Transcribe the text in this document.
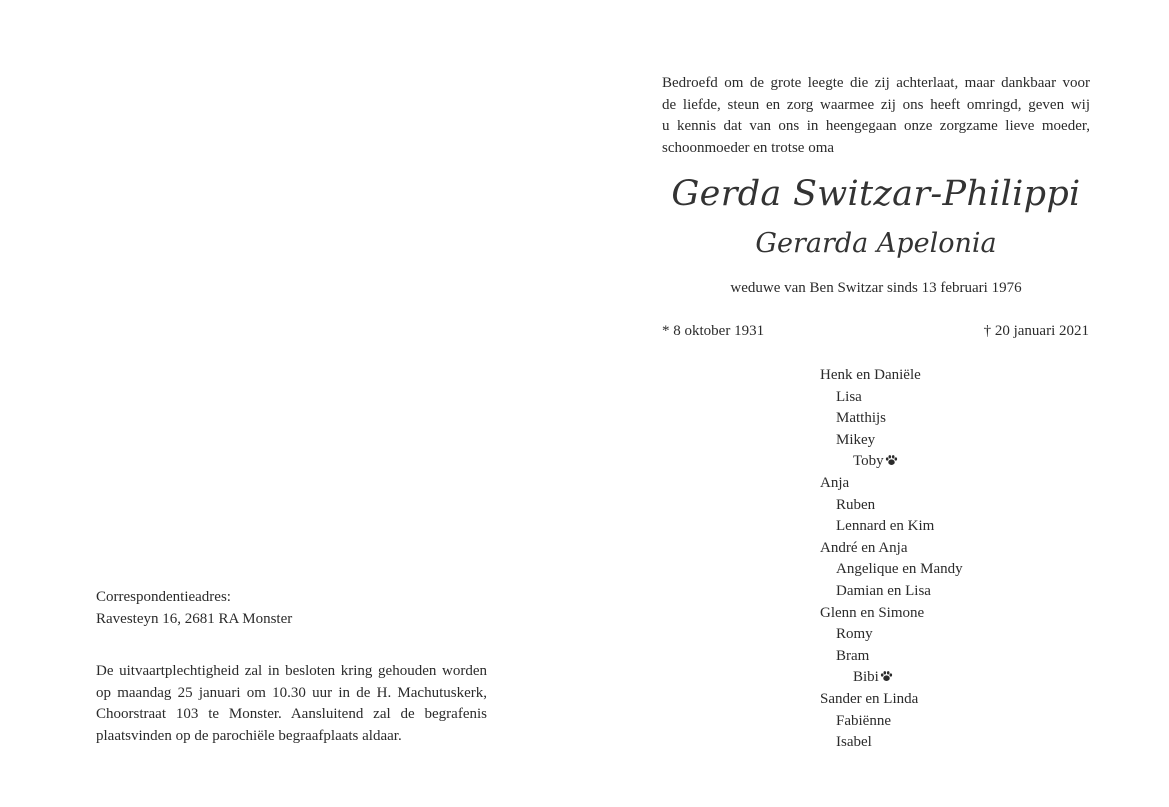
Bedroefd om de grote leegte die zij achterlaat, maar dankbaar voor
de liefde, steun en zorg waarmee zij ons heeft omringd, geven wij
u kennis dat van ons in heengegaan onze zorgzame lieve moeder,
schoonmoeder en trotse oma
Gerda Switzar-Philippi
Gerarda Apelonia
weduwe van Ben Switzar sinds 13 februari 1976
* 8 oktober 1931	† 20 januari 2021
Henk en Daniële
Lisa
Matthijs
Mikey
Toby
Anja
Ruben
Lennard en Kim
André en Anja
Angelique en Mandy
Damian en Lisa
Glenn en Simone
Romy
Bram
Bibi
Sander en Linda
Fabiënne
Isabel
Correspondentieadres:
Ravesteyn 16, 2681 RA Monster
De uitvaartplechtigheid zal in besloten kring gehouden worden
op maandag 25 januari om 10.30 uur in de H. Machutuskerk,
Choorstraat 103 te Monster. Aansluitend zal de begrafenis
plaatsvinden op de parochiële begraafplaats aldaar.
